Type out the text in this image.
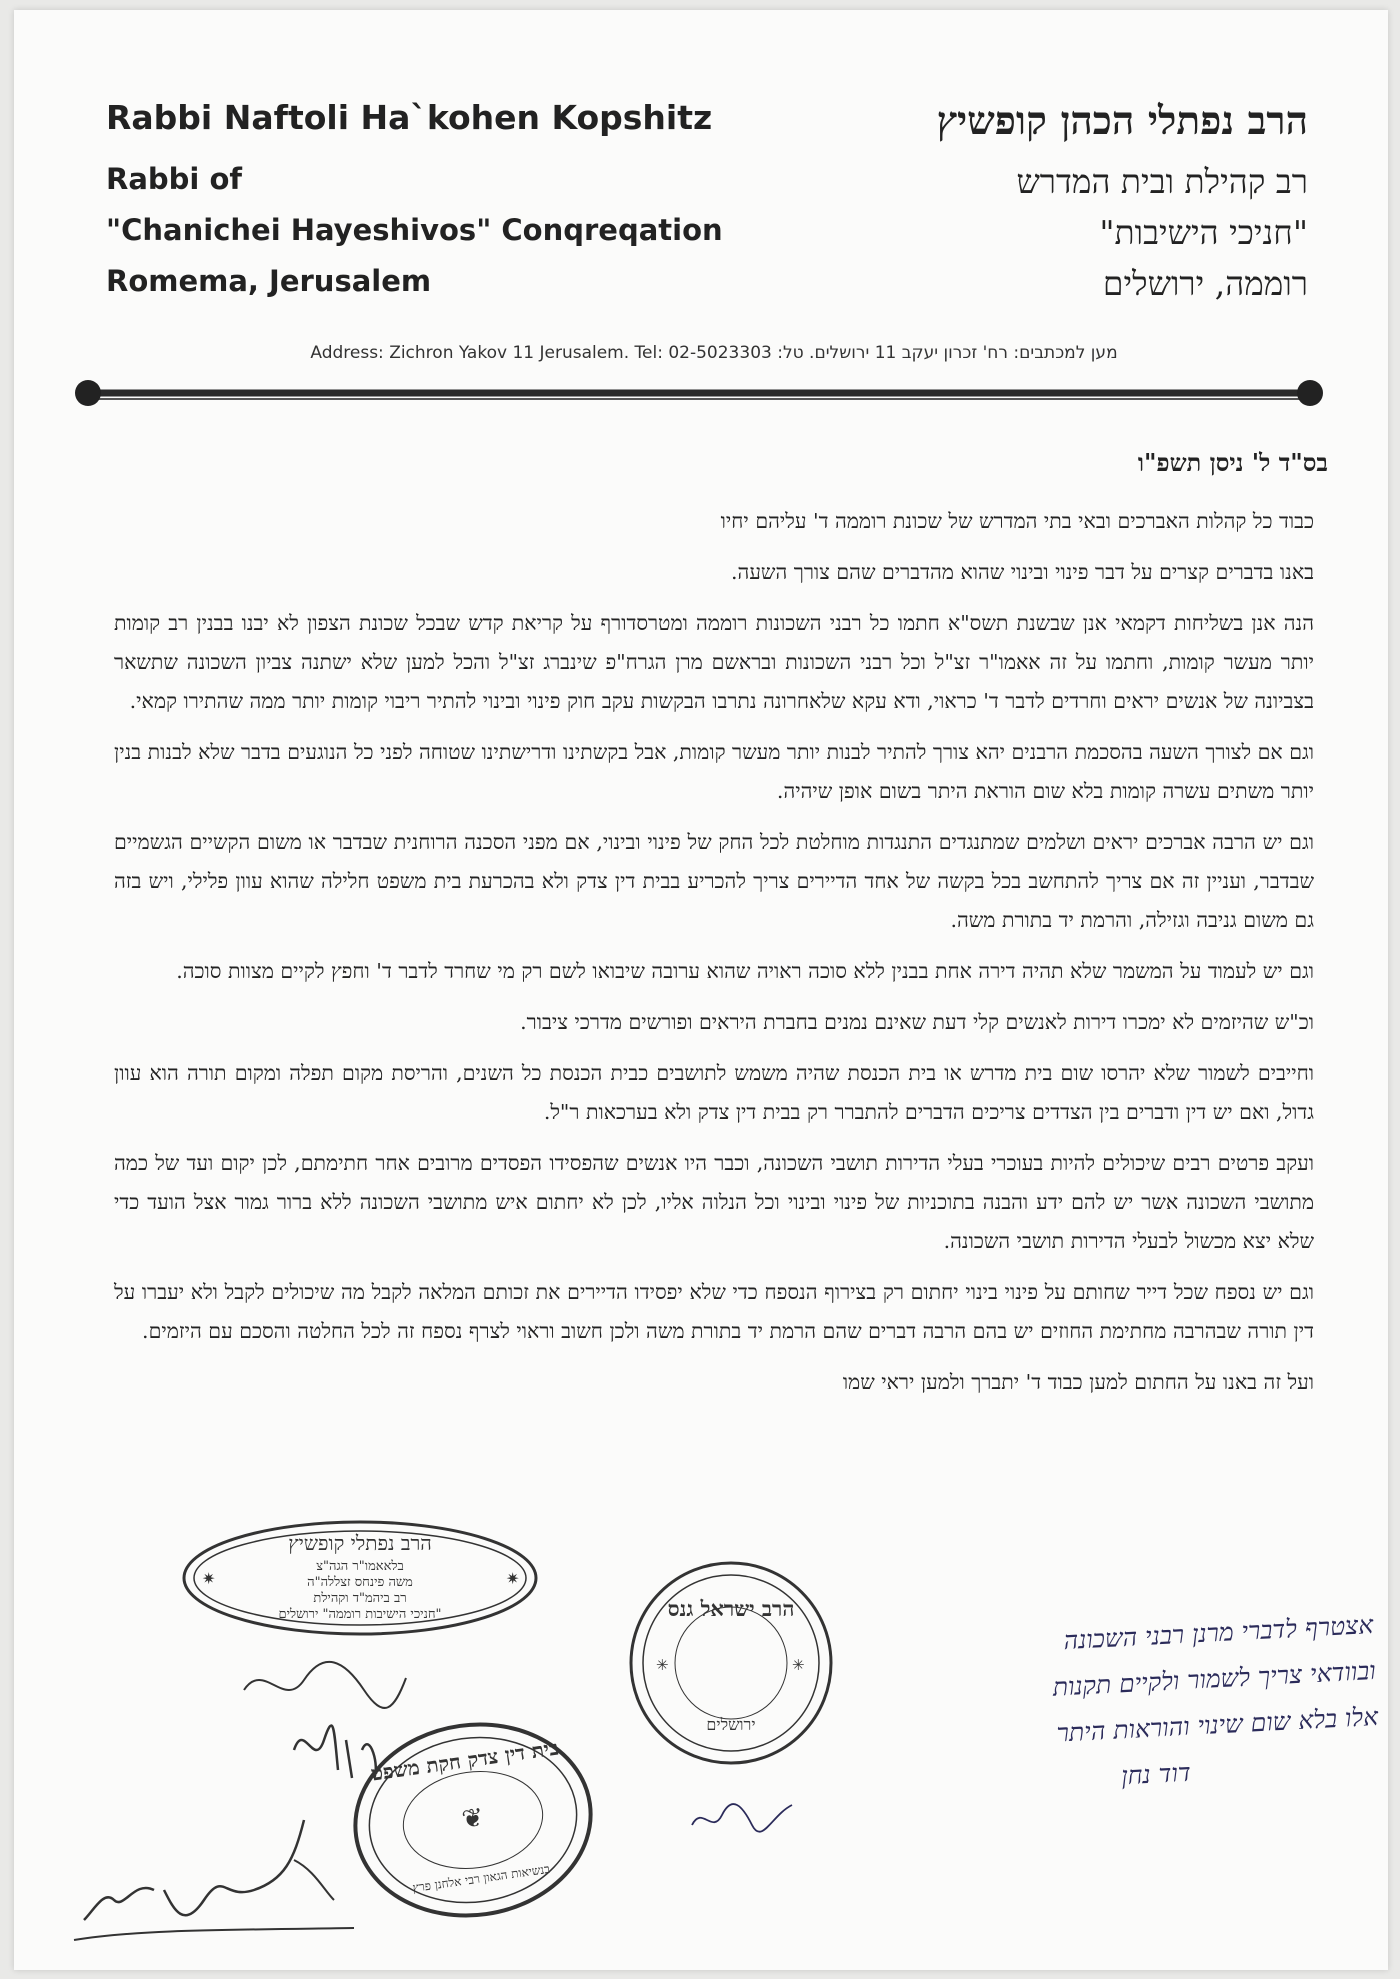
Rabbi Naftoli Ha`kohen Kopshitz
Rabbi of
"Chanichei Hayeshivos" Conqreqation
Romema, Jerusalem
הרב נפתלי הכהן קופשיץ
רב קהילת ובית המדרש
"חניכי הישיבות"
רוממה, ירושלים
Address: Zichron Yakov 11 Jerusalem. Tel: 02-5023303 :מען למכתבים: רח' זכרון יעקב 11 ירושלים. טל
בס"ד ל' ניסן תשפ"ו

כבוד כל קהלות האברכים ובאי בתי המדרש של שכונת רוממה ד' עליהם יחיו

באנו בדברים קצרים על דבר פינוי ובינוי שהוא מהדברים שהם צורך השעה.

הנה אנן בשליחות דקמאי אנן שבשנת תשס"א חתמו כל רבני השכונות רוממה ומטרסדורף על קריאת קדש שבכל שכונת הצפון לא יבנו בבנין רב קומות יותר מעשר קומות, וחתמו על זה אאמו"ר זצ"ל וכל רבני השכונות ובראשם מרן הגרח"פ שינברג זצ"ל והכל למען שלא ישתנה צביון השכונה שתשאר בצביונה של אנשים יראים וחרדים לדבר ד' כראוי, ודא עקא שלאחרונה נתרבו הבקשות עקב חוק פינוי ובינוי להתיר ריבוי קומות יותר ממה שהתירו קמאי.

וגם אם לצורך השעה בהסכמת הרבנים יהא צורך להתיר לבנות יותר מעשר קומות, אבל בקשתינו ודרישתינו שטוחה לפני כל הנוגעים בדבר שלא לבנות בנין יותר משתים עשרה קומות בלא שום הוראת היתר בשום אופן שיהיה.

וגם יש הרבה אברכים יראים ושלמים שמתנגדים התנגדות מוחלטת לכל החק של פינוי ובינוי, אם מפני הסכנה הרוחנית שבדבר או משום הקשיים הגשמיים שבדבר, ועניין זה אם צריך להתחשב בכל בקשה של אחד הדיירים צריך להכריע בבית דין צדק ולא בהכרעת בית משפט חלילה שהוא עוון פלילי, ויש בזה גם משום גניבה וגזילה, והרמת יד בתורת משה.

וגם יש לעמוד על המשמר שלא תהיה דירה אחת בבנין ללא סוכה ראויה שהוא ערובה שיבואו לשם רק מי שחרד לדבר ד' וחפץ לקיים מצוות סוכה.

וכ"ש שהיזמים לא ימכרו דירות לאנשים קלי דעת שאינם נמנים בחברת היראים ופורשים מדרכי ציבור.

וחייבים לשמור שלא יהרסו שום בית מדרש או בית הכנסת שהיה משמש לתושבים כבית הכנסת כל השנים, והריסת מקום תפלה ומקום תורה הוא עוון גדול, ואם יש דין ודברים בין הצדדים צריכים הדברים להתברר רק בבית דין צדק ולא בערכאות ר"ל.

ועקב פרטים רבים שיכולים להיות בעוכרי בעלי הדירות תושבי השכונה, וכבר היו אנשים שהפסידו הפסדים מרובים אחר חתימתם, לכן יקום ועד של כמה מתושבי השכונה אשר יש להם ידע והבנה בתוכניות של פינוי ובינוי וכל הנלוה אליו, לכן לא יחתום איש מתושבי השכונה ללא ברור גמור אצל הועד כדי שלא יצא מכשול לבעלי הדירות תושבי השכונה.

וגם יש נספח שכל דייר שחותם על פינוי בינוי יחתום רק בצירוף הנספח כדי שלא יפסידו הדיירים את זכותם המלאה לקבל מה שיכולים לקבל ולא יעברו על דין תורה שבהרבה מחתימת החוזים יש בהם הרבה דברים שהם הרמת יד בתורת משה ולכן חשוב וראוי לצרף נספח זה לכל החלטה והסכם עם היזמים.

ועל זה באנו על החתום למען כבוד ד' יתברך ולמען יראי שמו

הרב נפתלי קופשיץ
בלאאמו"ר הגה"צ
משה פינחס זצללה"ה
רב ביהמ"ד וקהילת
"חניכי הישיבות רוממה" ירושלים
✷	✷
הרב ישראל גנס
ירושלים
✳	✳
בית דין צדק חקת משפט
❦
בנשיאות הגאון רבי אלחנן פרץ
אצטרף לדברי מרנן רבני השכונה
ובוודאי צריך לשמור ולקיים תקנות
אלו בלא שום שינוי והוראות היתר
דוד נחן
